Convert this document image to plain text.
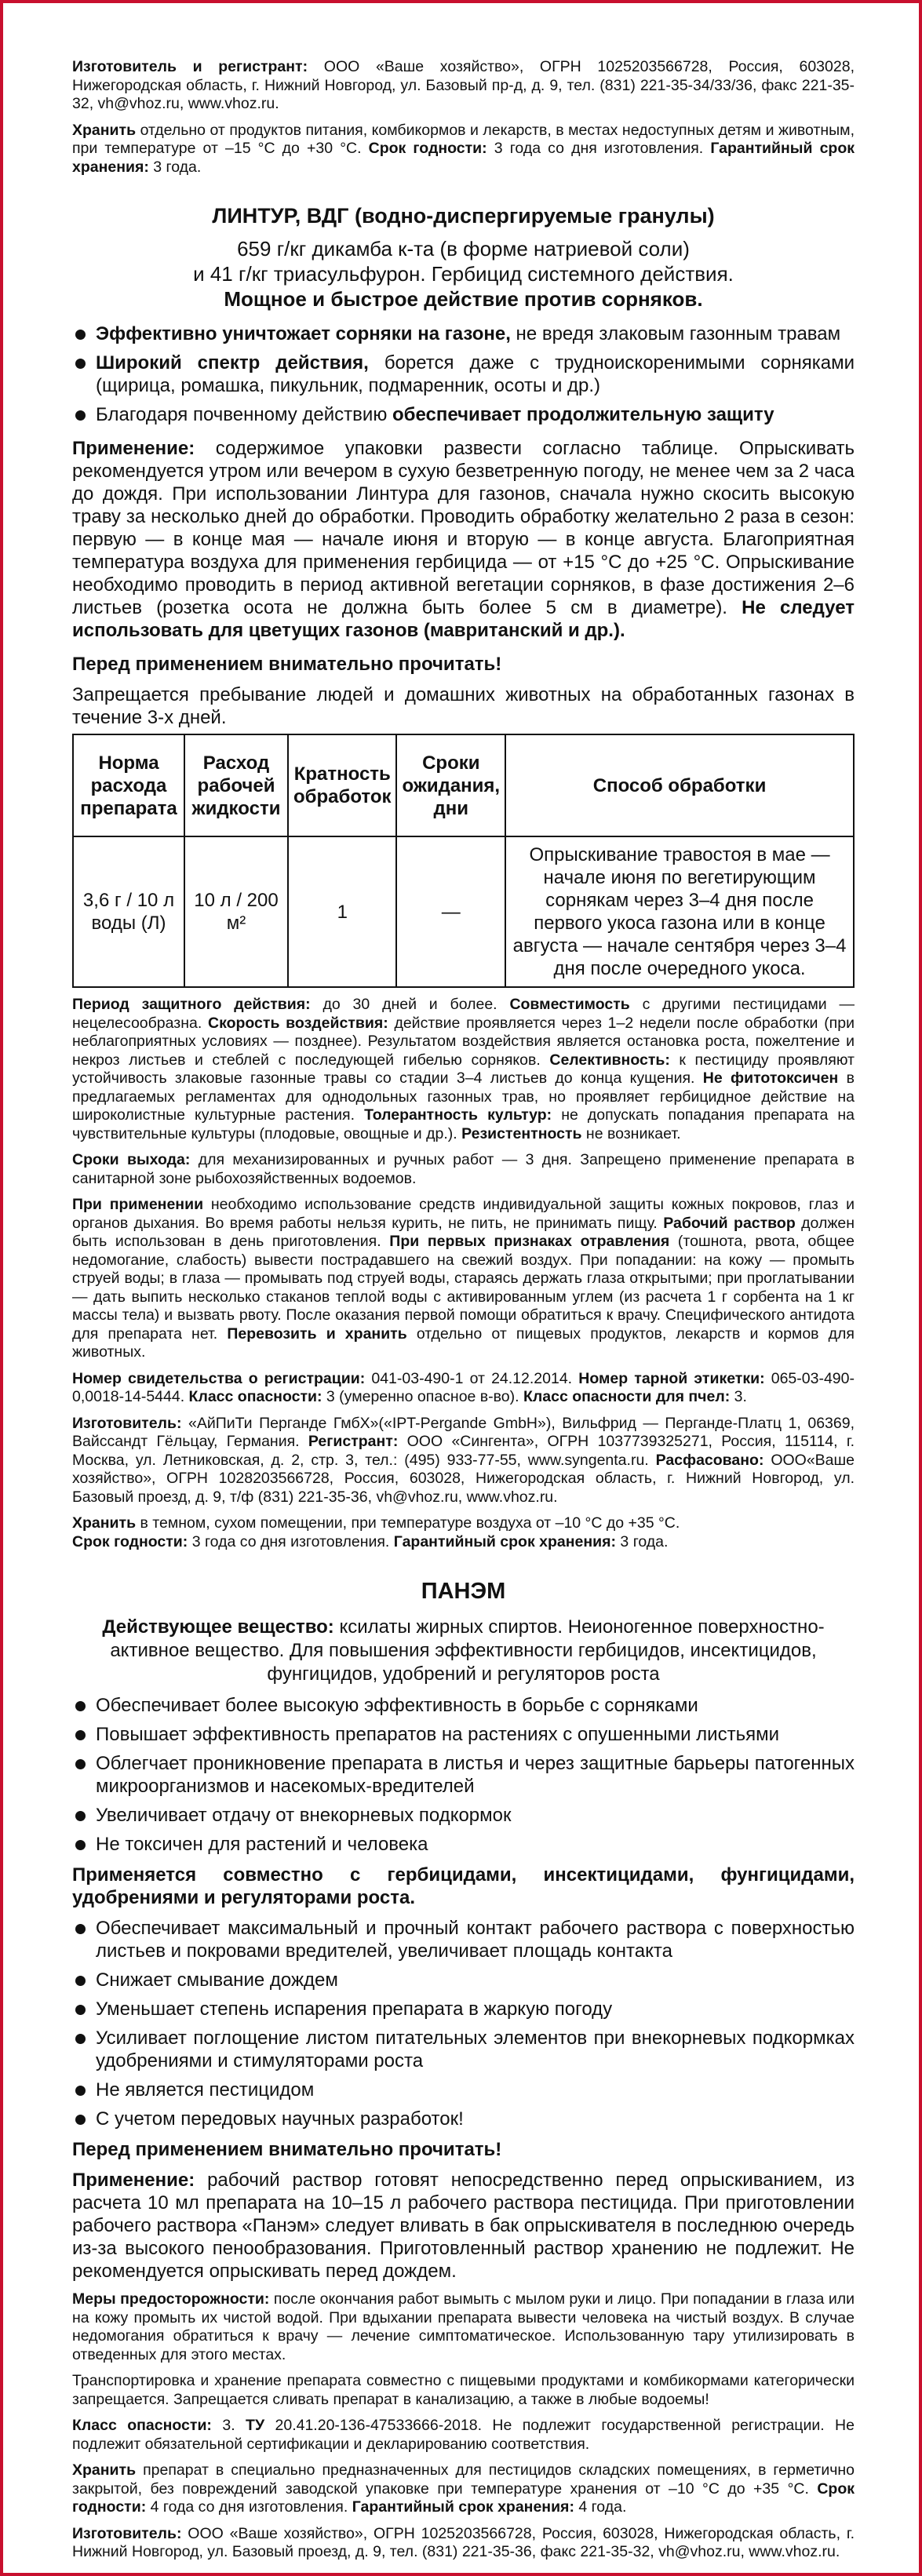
Изготовитель и регистрант: ООО «Ваше хозяйство», ОГРН 1025203566728, Россия, 603028, Нижегородская область, г. Нижний Новгород, ул. Базовый пр-д, д. 9, тел. (831) 221-35-34/33/36, факс 221-35-32, vh@vhoz.ru, www.vhoz.ru.

Хранить отдельно от продуктов питания, комбикормов и лекарств, в местах недоступных детям и животным, при температуре от –15 °С до +30 °С. Срок годности: 3 года со дня изготовления. Гарантийный срок хранения: 3 года.

ЛИНТУР, ВДГ (водно-диспергируемые гранулы)

659 г/кг дикамба к-та (в форме натриевой соли)

и 41 г/кг триасульфурон. Гербицид системного действия.

Мощное и быстрое действие против сорняков.

Эффективно уничтожает сорняки на газоне, не вредя злаковым газонным травам

Широкий спектр действия, борется даже с трудноискоренимыми сорняками (щирица, ромашка, пикульник, подмаренник, осоты и др.)

Благодаря почвенному действию обеспечивает продолжительную защиту

Применение: содержимое упаковки развести согласно таблице. Опрыскивать рекомендуется утром или вечером в сухую безветренную погоду, не менее чем за 2 часа до дождя. При использовании Линтура для газонов, сначала нужно скосить высокую траву за несколько дней до обработки. Проводить обработку желательно 2 раза в сезон: первую — в конце мая — начале июня и вторую — в конце августа. Благоприятная температура воздуха для применения гербицида — от +15 °С до +25 °С. Опрыскивание необходимо проводить в период активной вегетации сорняков, в фазе достижения 2–6 листьев (розетка осота не должна быть более 5 см в диаметре). Не следует использовать для цветущих газонов (мавританский и др.).

Перед применением внимательно прочитать!

Запрещается пребывание людей и домашних животных на обработанных газонах в течение 3-х дней.

Норма расхода препарата	Расход рабочей жидкости	Кратность обработок	Сроки ожидания, дни	Способ обработки
3,6 г / 10 л воды (Л)	10 л / 200 м²	1	—	Опрыскивание травостоя в мае — начале июня по вегетирующим сорнякам через 3–4 дня после первого укоса газона или в конце августа — начале сентября через 3–4 дня после очередного укоса.

Период защитного действия: до 30 дней и более. Совместимость с другими пестицидами — нецелесообразна. Скорость воздействия: действие проявляется через 1–2 недели после обработки (при неблагоприятных условиях — позднее). Результатом воздействия является остановка роста, пожелтение и некроз листьев и стеблей с последующей гибелью сорняков. Селективность: к пестициду проявляют устойчивость злаковые газонные травы со стадии 3–4 листьев до конца кущения. Не фитотоксичен в предлагаемых регламентах для однодольных газонных трав, но проявляет гербицидное действие на широколистные культурные растения. Толерантность культур: не допускать попадания препарата на чувствительные культуры (плодовые, овощные и др.). Резистентность не возникает.

Сроки выхода: для механизированных и ручных работ — 3 дня. Запрещено применение препарата в санитарной зоне рыбохозяйственных водоемов.

При применении необходимо использование средств индивидуальной защиты кожных покровов, глаз и органов дыхания. Во время работы нельзя курить, не пить, не принимать пищу. Рабочий раствор должен быть использован в день приготовления. При первых признаках отравления (тошнота, рвота, общее недомогание, слабость) вывести пострадавшего на свежий воздух. При попадании: на кожу — промыть струей воды; в глаза — промывать под струей воды, стараясь держать глаза открытыми; при проглатывании — дать выпить несколько стаканов теплой воды с активированным углем (из расчета 1 г сорбента на 1 кг массы тела) и вызвать рвоту. После оказания первой помощи обратиться к врачу. Специфического антидота для препарата нет. Перевозить и хранить отдельно от пищевых продуктов, лекарств и кормов для животных.

Номер свидетельства о регистрации: 041-03-490-1 от 24.12.2014. Номер тарной этикетки: 065-03-490-0,0018-14-5444. Класс опасности: 3 (умеренно опасное в-во). Класс опасности для пчел: 3.

Изготовитель: «АйПиТи Перганде ГмбХ»(«IPT-Pergande GmbH»), Вильфрид — Перганде-Платц 1, 06369, Вайссандт Гёльцау, Германия. Регистрант: ООО «Сингента», ОГРН 1037739325271, Россия, 115114, г. Москва, ул. Летниковская, д. 2, стр. 3, тел.: (495) 933-77-55, www.syngenta.ru. Расфасовано: ООО«Ваше хозяйство», ОГРН 1028203566728, Россия, 603028, Нижегородская область, г. Нижний Новгород, ул. Базовый проезд, д. 9, т/ф (831) 221-35-36, vh@vhoz.ru, www.vhoz.ru.

Хранить в темном, сухом помещении, при температуре воздуха от –10 °С до +35 °С.
Срок годности: 3 года со дня изготовления. Гарантийный срок хранения: 3 года.

ПАНЭМ

Действующее вещество: ксилаты жирных спиртов. Неионогенное поверхностно-активное вещество. Для повышения эффективности гербицидов, инсектицидов, фунгицидов, удобрений и регуляторов роста

Обеспечивает более высокую эффективность в борьбе с сорняками

Повышает эффективность препаратов на растениях с опушенными листьями

Облегчает проникновение препарата в листья и через защитные барьеры патогенных микроорганизмов и насекомых-вредителей

Увеличивает отдачу от внекорневых подкормок

Не токсичен для растений и человека

Применяется совместно с гербицидами, инсектицидами, фунгицидами, удобрениями и регуляторами роста.

Обеспечивает максимальный и прочный контакт рабочего раствора с поверхностью листьев и покровами вредителей, увеличивает площадь контакта

Снижает смывание дождем

Уменьшает степень испарения препарата в жаркую погоду

Усиливает поглощение листом питательных элементов при внекорневых подкормках удобрениями и стимуляторами роста

Не является пестицидом

С учетом передовых научных разработок!

Перед применением внимательно прочитать!

Применение: рабочий раствор готовят непосредственно перед опрыскиванием, из расчета 10 мл препарата на 10–15 л рабочего раствора пестицида. При приготовлении рабочего раствора «Панэм» следует вливать в бак опрыскивателя в последнюю очередь из-за высокого пенообразования. Приготовленный раствор хранению не подлежит. Не рекомендуется опрыскивать перед дождем.

Меры предосторожности: после окончания работ вымыть с мылом руки и лицо. При попадании в глаза или на кожу промыть их чистой водой. При вдыхании препарата вывести человека на чистый воздух. В случае недомогания обратиться к врачу — лечение симптоматическое. Использованную тару утилизировать в отведенных для этого местах.

Транспортировка и хранение препарата совместно с пищевыми продуктами и комбикормами категорически запрещается. Запрещается сливать препарат в канализацию, а также в любые водоемы!

Класс опасности: 3. ТУ 20.41.20-136-47533666-2018. Не подлежит государственной регистрации. Не подлежит обязательной сертификации и декларированию соответствия.

Хранить препарат в специально предназначенных для пестицидов складских помещениях, в герметично закрытой, без повреждений заводской упаковке при температуре хранения от –10 °С до +35 °С. Срок годности: 4 года со дня изготовления. Гарантийный срок хранения: 4 года.

Изготовитель: ООО «Ваше хозяйство», ОГРН 1025203566728, Россия, 603028, Нижегородская область, г. Нижний Новгород, ул. Базовый проезд, д. 9, тел. (831) 221-35-36, факс 221-35-32, vh@vhoz.ru, www.vhoz.ru.
